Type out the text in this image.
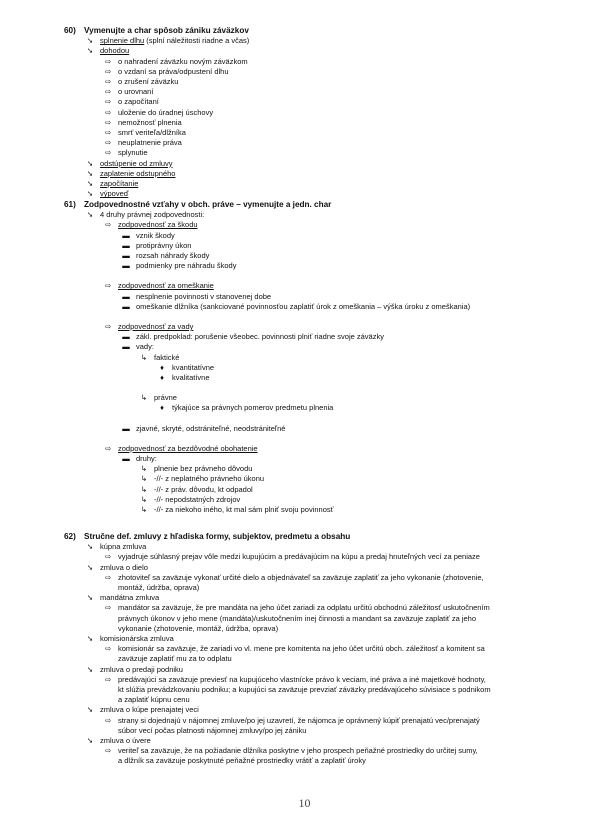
60) Vymenujte a char spôsob zániku záväzkov
➘ splnenie dlhu (splní náležitosti riadne a včas)
➘ dohodou
⇨ o nahradení záväzku novým záväzkom
⇨ o vzdaní sa práva/odpustení dlhu
⇨ o zrušení záväzku
⇨ o urovnaní
⇨ o započítaní
⇨ uloženie do úradnej úschovy
⇨ nemožnosť plnenia
⇨ smrť veriteľa/dlžníka
⇨ neuplatnenie práva
⇨ splynutie
➘ odstúpenie od zmluvy
➘ zaplatenie odstupného
➘ započítanie
➘ výpoveď
61) Zodpovednostné vzťahy v obch. práve – vymenujte a jedn. char
➘ 4 druhy právnej zodpovednosti:
⇨ zodpovednosť za škodu
▬ vznik škody
▬ protiprávny úkon
▬ rozsah náhrady škody
▬ podmienky pre náhradu škody
⇨ zodpovednosť za omeškanie
▬ nesplnenie povinnosti v stanovenej dobe
▬ omeškanie dlžníka (sankciované povinnosťou zaplatiť úrok z omeškania – výška úroku z omeškania)
⇨ zodpovednosť za vady
▬ zákl. predpoklad: porušenie všeobec. povinnosti plniť riadne svoje záväzky
▬ vady:
↳ faktické
♦	kvantitatívne
♦	kvalitatívne
↳ právne
♦	týkajúce sa právnych pomerov predmetu plnenia
▬ zjavné, skryté, odstrániteľné, neodstrániteľné
⇨ zodpovednosť za bezdôvodné obohatenie
▬ druhy:
↳ plnenie bez právneho dôvodu
↳ -//- z neplatného právneho úkonu
↳ -//- z práv. dôvodu, kt odpadol
↳ -//- nepodstatných zdrojov
↳ -//- za niekoho iného, kt mal sám plniť svoju povinnosť
62) Stručne def. zmluvy z hľadiska formy, subjektov, predmetu a obsahu
➘ kúpna zmluva
⇨ vyjadruje súhlasný prejav vôle medzi kupujúcim a predávajúcim na kúpu a predaj hnuteľných vecí za peniaze
➘ zmluva o dielo
⇨ zhotoviteľ sa zaväzuje vykonať určité dielo a objednávateľ sa zaväzuje zaplatiť za jeho vykonanie (zhotovenie,
montáž, údržba, oprava)
➘ mandátna zmluva
⇨ mandátor sa zaväzuje, že pre mandáta na jeho účet zariadi za odplatu určitú obchodnú záležitosť uskutočnením
právnych úkonov v jeho mene (mandáta)/uskutočnením inej činnosti a mandant sa zaväzuje zaplatiť za jeho
vykonanie (zhotovenie, montáž, údržba, oprava)
➘ komisionárska zmluva
⇨ komisionár sa zaväzuje, že zariadi vo vl. mene pre komitenta na jeho účet určitú obch. záležitosť a komitent sa
zaväzuje zaplatiť mu za to odplatu
➘ zmluva o predaji podniku
⇨ predávajúci sa zaväzuje previesť na kupujúceho vlastnícke právo k veciam, iné práva a iné majetkové hodnoty,
kt slúžia prevádzkovaniu podniku; a kupujúci sa zaväzuje prevziať záväzky predávajúceho súvisiace s podnikom
a zaplatiť kúpnu cenu
➘ zmluva o kúpe prenajatej veci
⇨ strany si dojednajú v nájomnej zmluve/po jej uzavretí, že nájomca je oprávnený kúpiť prenajatú vec/prenajatý
súbor vecí počas platnosti nájomnej zmluvy/po jej zániku
➘ zmluva o úvere
⇨ veriteľ sa zaväzuje, že na požiadanie dlžníka poskytne v jeho prospech peňažné prostriedky do určitej sumy,
a dlžník sa zaväzuje poskytnuté peňažné prostriedky vrátiť a zaplatiť úroky
10
